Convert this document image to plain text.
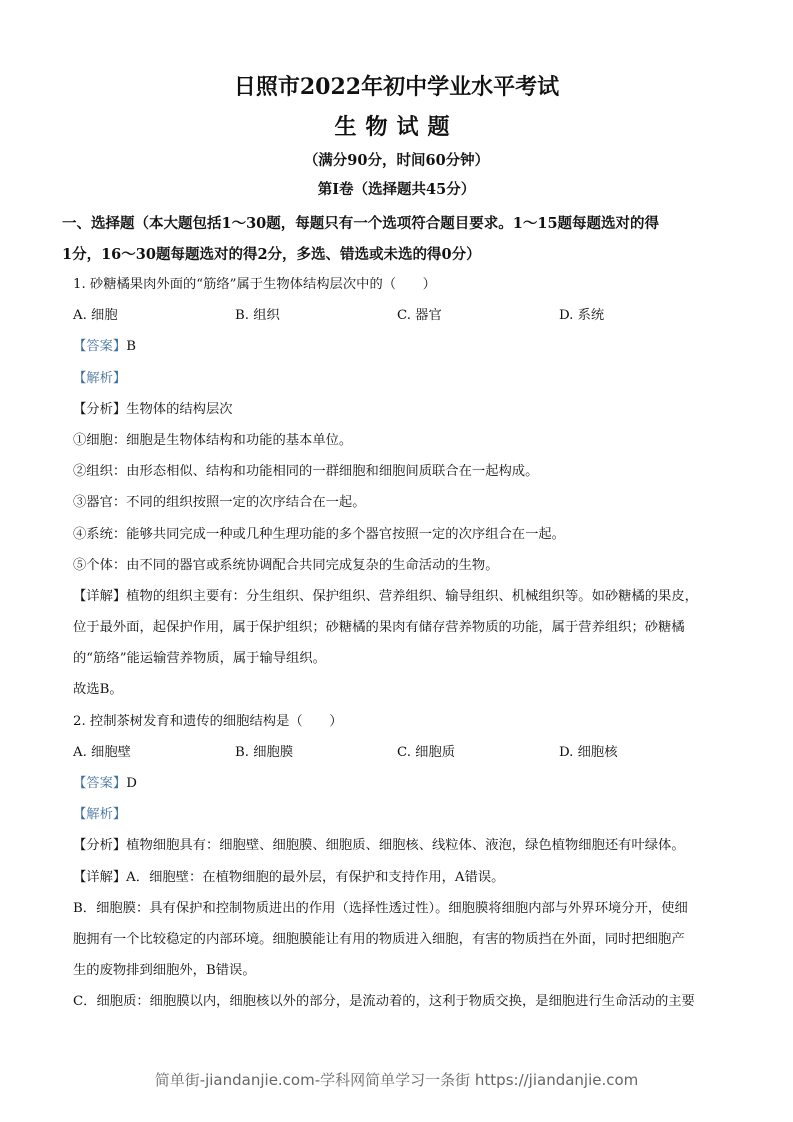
日照市2022年初中学业水平考试
生物试题
（满分90分，时间60分钟）
第Ⅰ卷（选择题共45分）
一、选择题（本大题包括1～30题，每题只有一个选项符合题目要求。1～15题每题选对的得
1分，16～30题每题选对的得2分，多选、错选或未选的得0分）
1. 砂糖橘果肉外面的“筋络”属于生物体结构层次中的（　　）
A. 细胞	B. 组织	C. 器官	D. 系统
【答案】B
【解析】
【分析】生物体的结构层次
①细胞：细胞是生物体结构和功能的基本单位。
②组织：由形态相似、结构和功能相同的一群细胞和细胞间质联合在一起构成。
③器官：不同的组织按照一定的次序结合在一起。
④系统：能够共同完成一种或几种生理功能的多个器官按照一定的次序组合在一起。
⑤个体：由不同的器官或系统协调配合共同完成复杂的生命活动的生物。
【详解】植物的组织主要有：分生组织、保护组织、营养组织、输导组织、机械组织等。如砂糖橘的果皮，
位于最外面，起保护作用，属于保护组织；砂糖橘的果肉有储存营养物质的功能，属于营养组织；砂糖橘
的“筋络”能运输营养物质，属于输导组织。
故选B。
2. 控制茶树发育和遗传的细胞结构是（　　）
A. 细胞壁	B. 细胞膜	C. 细胞质	D. 细胞核
【答案】D
【解析】
【分析】植物细胞具有：细胞壁、细胞膜、细胞质、细胞核、线粒体、液泡，绿色植物细胞还有叶绿体。
【详解】A．细胞壁：在植物细胞的最外层，有保护和支持作用，A错误。
B．细胞膜：具有保护和控制物质进出的作用（选择性透过性）。细胞膜将细胞内部与外界环境分开，使细
胞拥有一个比较稳定的内部环境。细胞膜能让有用的物质进入细胞，有害的物质挡在外面，同时把细胞产
生的废物排到细胞外，B错误。
C．细胞质：细胞膜以内，细胞核以外的部分，是流动着的，这利于物质交换，是细胞进行生命活动的主要
简单街-jiandanjie.com-学科网简单学习一条街 https://jiandanjie.com
